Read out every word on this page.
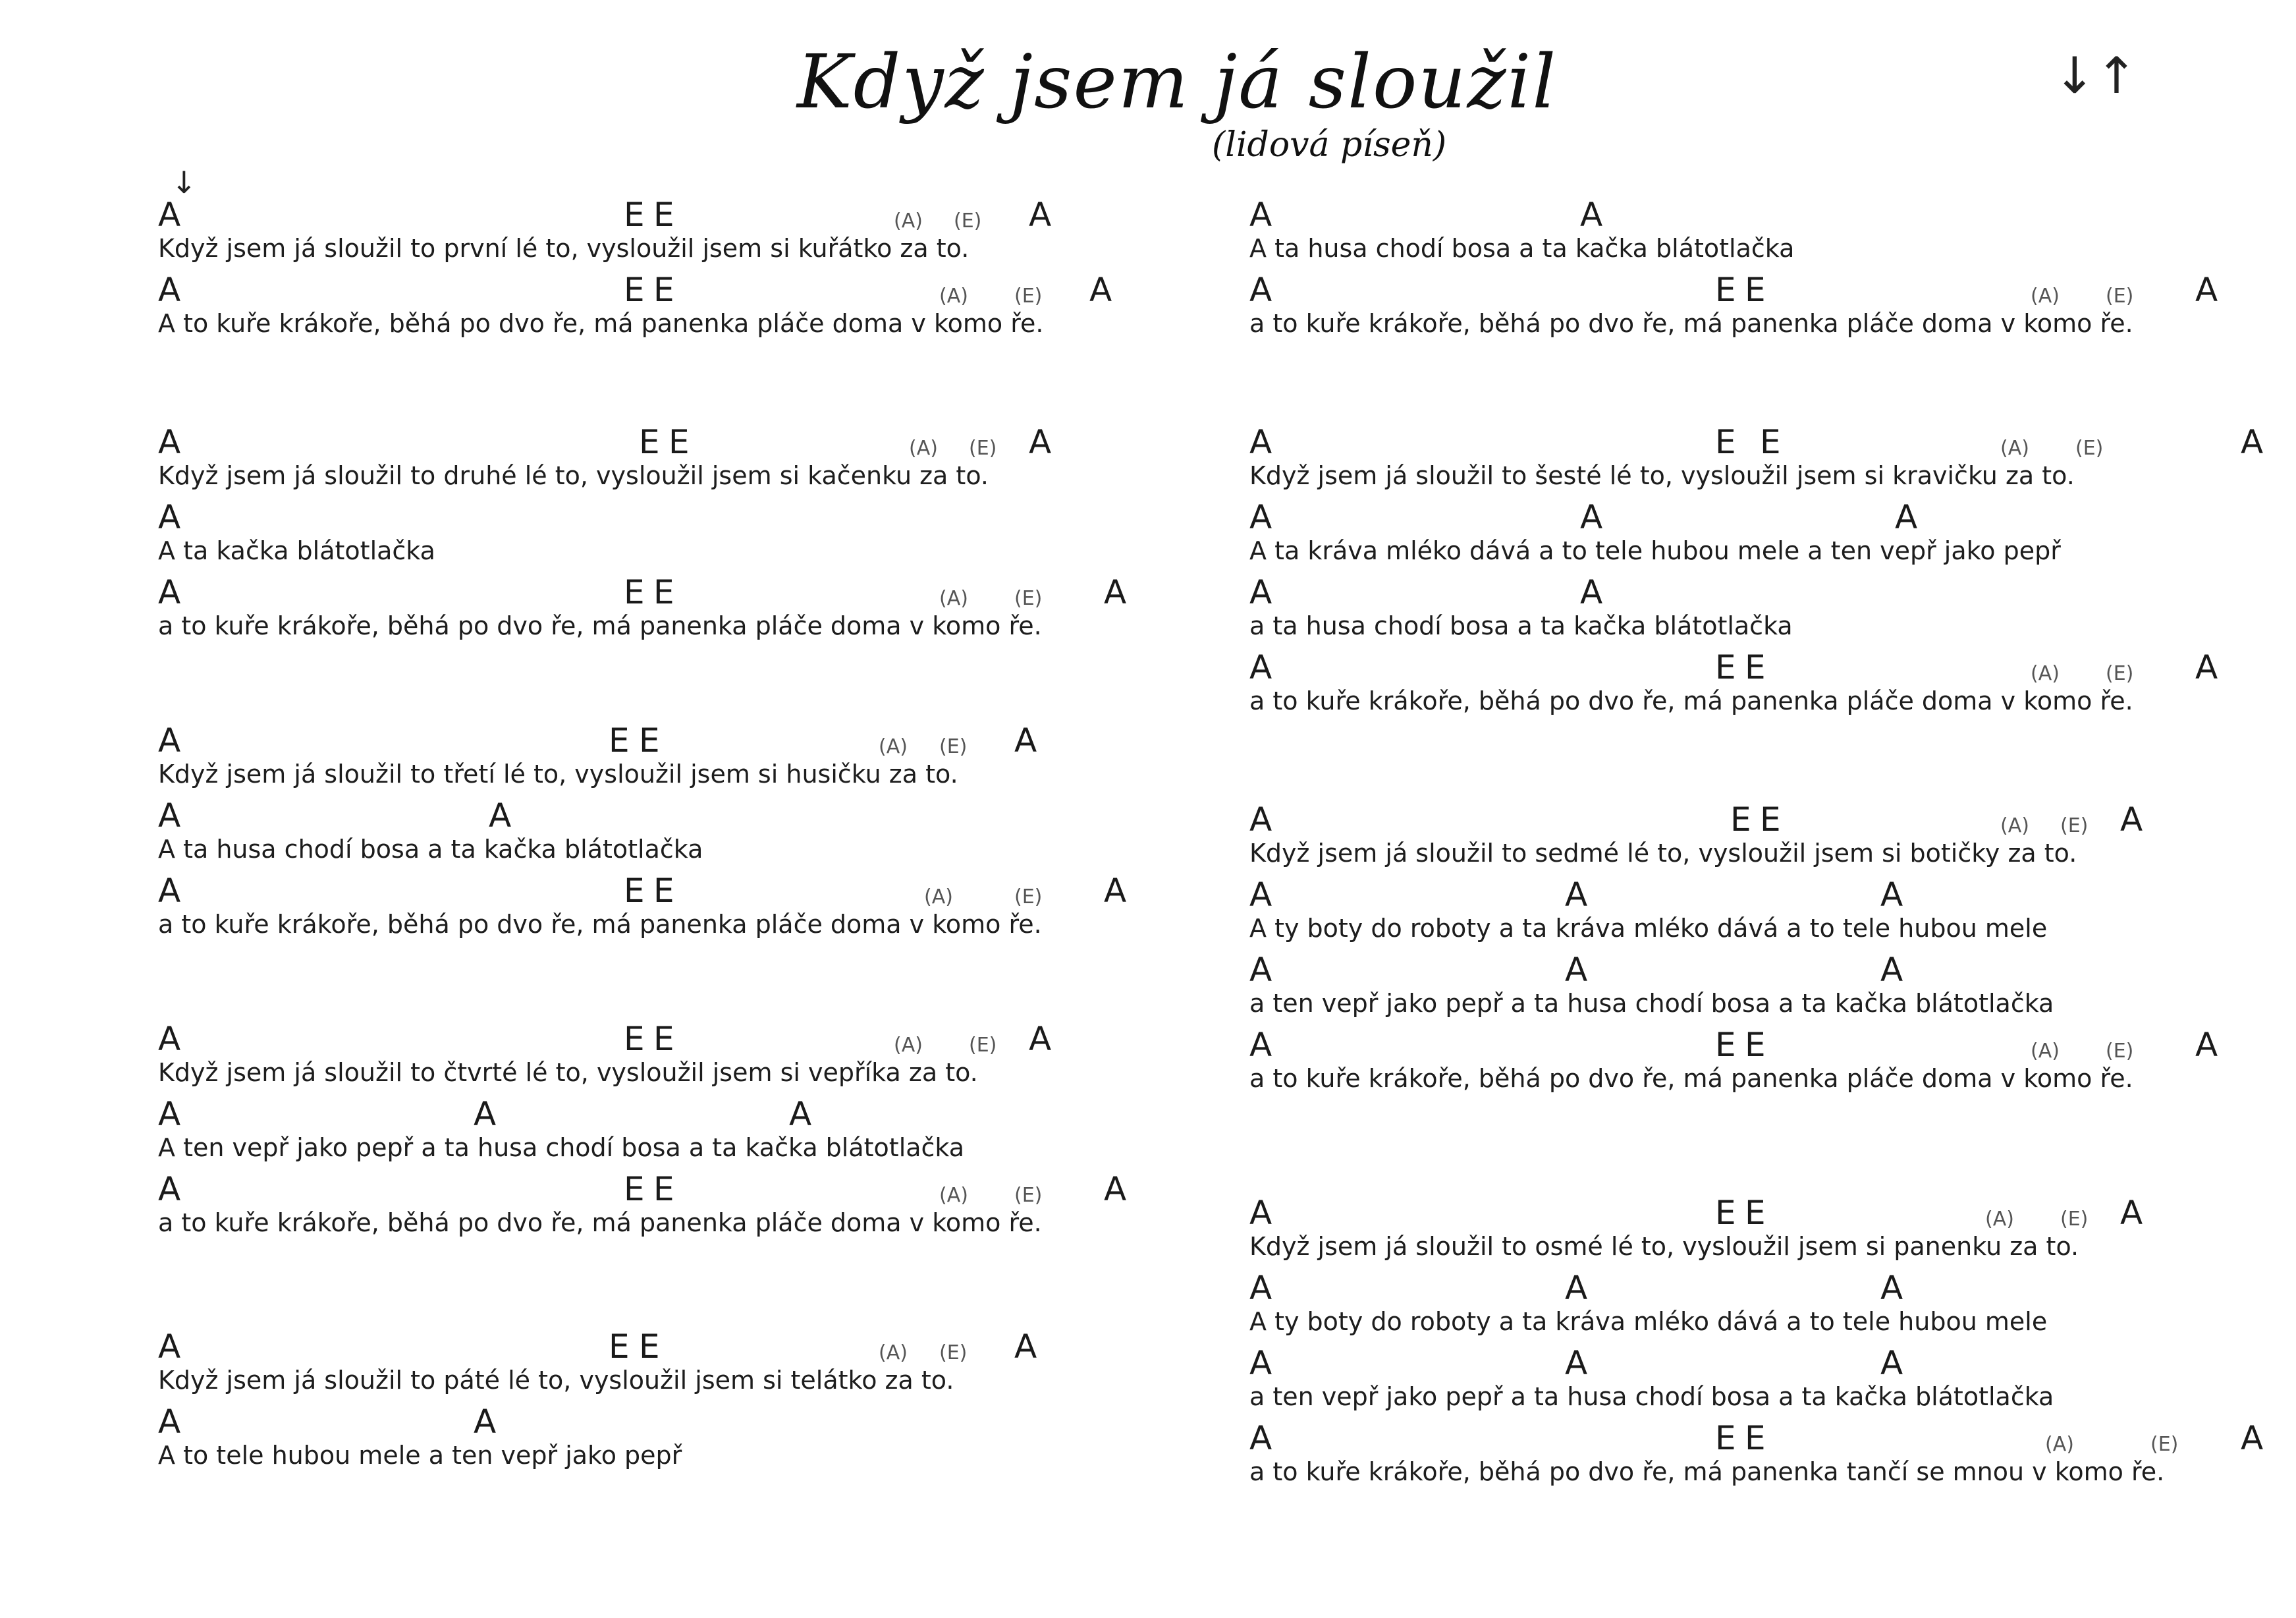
Když jsem já sloužil
(lidová píseň)
↓↑
↓
A	E E	(A) (E) A
Když jsem já sloužil to první lé to, vysloužil jsem si kuřátko za to.
A	E E	(A) (E) A
A to kuře krákoře, běhá po dvo ře, má panenka pláče doma v komo ře.
A	E E	(A) (E) A
Když jsem já sloužil to druhé lé to, vysloužil jsem si kačenku za to.
A
A ta kačka blátotlačka
A	E E	(A) (E) A
a to kuře krákoře, běhá po dvo ře, má panenka pláče doma v komo ře.
A	E E	(A) (E) A
Když jsem já sloužil to třetí lé to, vysloužil jsem si husičku za to.
A	A
A ta husa chodí bosa a ta kačka blátotlačka
A	E E	(A)	(E) A
a to kuře krákoře, běhá po dvo ře, má panenka pláče doma v komo ře.
A	E E	(A) (E) A
Když jsem já sloužil to čtvrté lé to, vysloužil jsem si vepříka za to.
A	A	A
A ten vepř jako pepř a ta husa chodí bosa a ta kačka blátotlačka
A	E E	(A) (E) A
a to kuře krákoře, běhá po dvo ře, má panenka pláče doma v komo ře.
A	E E	(A) (E) A
Když jsem já sloužil to páté lé to, vysloužil jsem si telátko za to.
A	A
A to tele hubou mele a ten vepř jako pepř
A	A
A ta husa chodí bosa a ta kačka blátotlačka
A	E E	(A) (E) A
a to kuře krákoře, běhá po dvo ře, má panenka pláče doma v komo ře.
A	E E	(A) (E)	A
Když jsem já sloužil to šesté lé to, vysloužil jsem si kravičku za to.
A	A	A
A ta kráva mléko dává a to tele hubou mele a ten vepř jako pepř
A	A
a ta husa chodí bosa a ta kačka blátotlačka
A	E E	(A) (E) A
a to kuře krákoře, běhá po dvo ře, má panenka pláče doma v komo ře.
A	E E	(A) (E) A
Když jsem já sloužil to sedmé lé to, vysloužil jsem si botičky za to.
A	A	A
A ty boty do roboty a ta kráva mléko dává a to tele hubou mele
A	A	A
a ten vepř jako pepř a ta husa chodí bosa a ta kačka blátotlačka
A	E E	(A) (E) A
a to kuře krákoře, běhá po dvo ře, má panenka pláče doma v komo ře.
A	E E	(A) (E) A
Když jsem já sloužil to osmé lé to, vysloužil jsem si panenku za to.
A	A	A
A ty boty do roboty a ta kráva mléko dává a to tele hubou mele
A	A	A
a ten vepř jako pepř a ta husa chodí bosa a ta kačka blátotlačka
A	E E	(A)	(E) A
a to kuře krákoře, běhá po dvo ře, má panenka tančí se mnou v komo ře.
